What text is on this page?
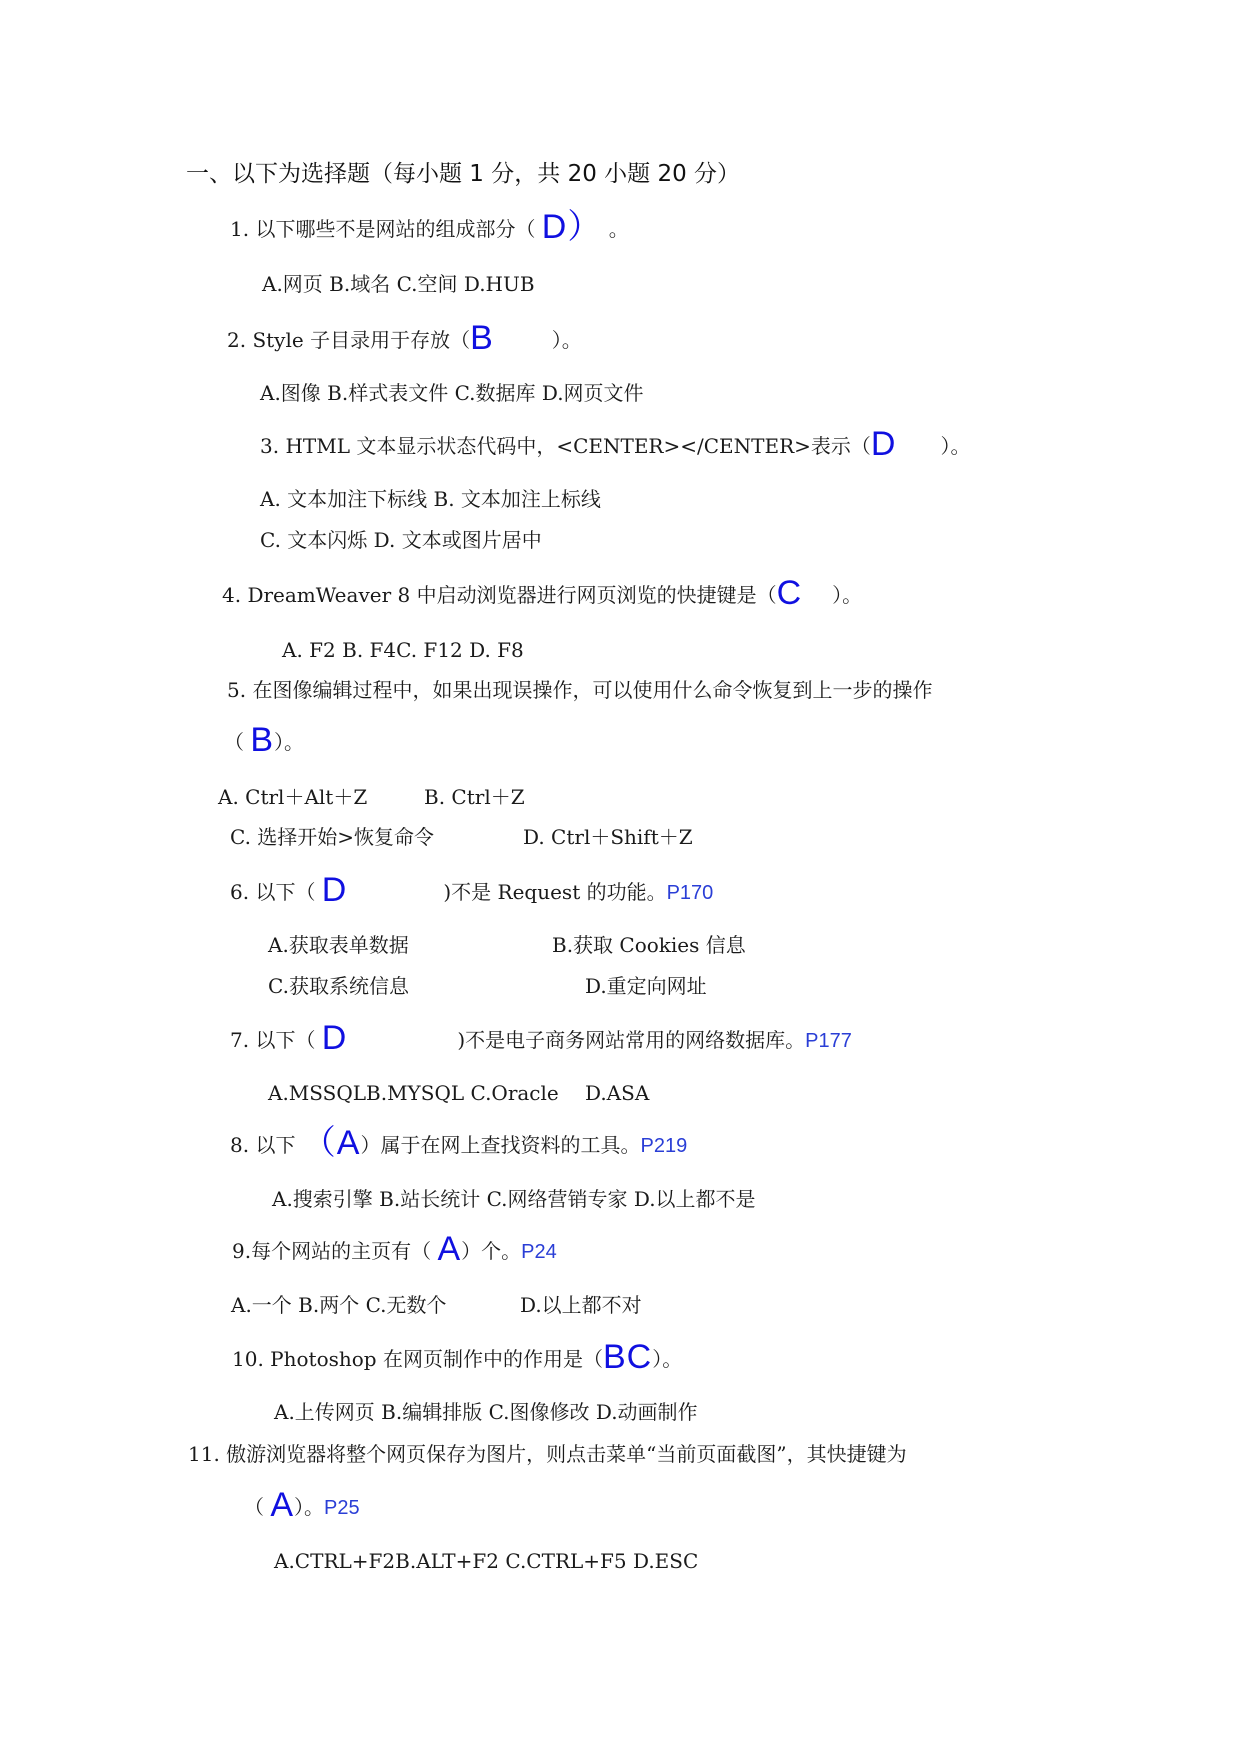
一、以下为选择题（每小题 1 分，共 20 小题 20 分）
1. 以下哪些不是网站的组成部分（ D） 。
A.网页 B.域名 C.空间 D.HUB
2. Style 子目录用于存放（B	）。
A.图像 B.样式表文件 C.数据库 D.网页文件
3. HTML 文本显示状态代码中，<CENTER></CENTER>表示（D ）。
A. 文本加注下标线 B. 文本加注上标线
C. 文本闪烁 D. 文本或图片居中
4. DreamWeaver 8 中启动浏览器进行网页浏览的快捷键是（C ）。
A. F2 B. F4C. F12 D. F8
5. 在图像编辑过程中，如果出现误操作，可以使用什么命令恢复到上一步的操作
（ B）。
A. Ctrl＋Alt＋Z	B. Ctrl＋Z
C. 选择开始>恢复命令	D. Ctrl＋Shift＋Z
6. 以下（ D	)不是 Request 的功能。P170
A.获取表单数据	B.获取 Cookies 信息
C.获取系统信息	D.重定向网址
7. 以下（ D	)不是电子商务网站常用的网络数据库。P177
A.MSSQLB.MYSQL C.Oracle D.ASA
8. 以下 （A）属于在网上查找资料的工具。P219
A.搜索引擎 B.站长统计 C.网络营销专家 D.以上都不是
9.每个网站的主页有（ A）个。P24
A.一个 B.两个 C.无数个	D.以上都不对
10. Photoshop 在网页制作中的作用是（BC）。
A.上传网页 B.编辑排版 C.图像修改 D.动画制作
11. 傲游浏览器将整个网页保存为图片，则点击菜单“当前页面截图”，其快捷键为
（ A）。P25
A.CTRL+F2B.ALT+F2 C.CTRL+F5 D.ESC
